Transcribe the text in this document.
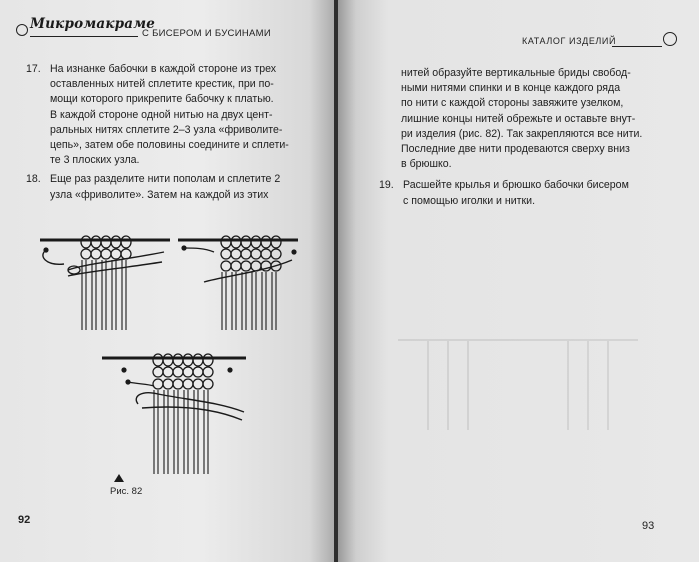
Микромакраме
С БИСЕРОМ И БУСИНАМИ
17. На изнанке бабочки в каждой стороне из трех
оставленных нитей сплетите крестик, при по-
мощи которого прикрепите бабочку к платью.
В каждой стороне одной нитью на двух цент-
ральных нитях сплетите 2–3 узла «фриволите-
цепь», затем обе половины соедините и сплети-
те 3 плоских узла.

18. Еще раз разделите нити пополам и сплетите 2
узла «фриволите». Затем на каждой из этих

Рис. 82
92
КАТАЛОГ ИЗДЕЛИЙ

нитей образуйте вертикальные бриды свобод-
ными нитями спинки и в конце каждого ряда
по нити с каждой стороны завяжите узелком,
лишние концы нитей обрежьте и оставьте внут-
ри изделия (рис. 82). Так закрепляются все нити.
Последние две нити продеваются сверху вниз
в брюшко.

19. Расшейте крылья и брюшко бабочки бисером
с помощью иголки и нитки.

93
